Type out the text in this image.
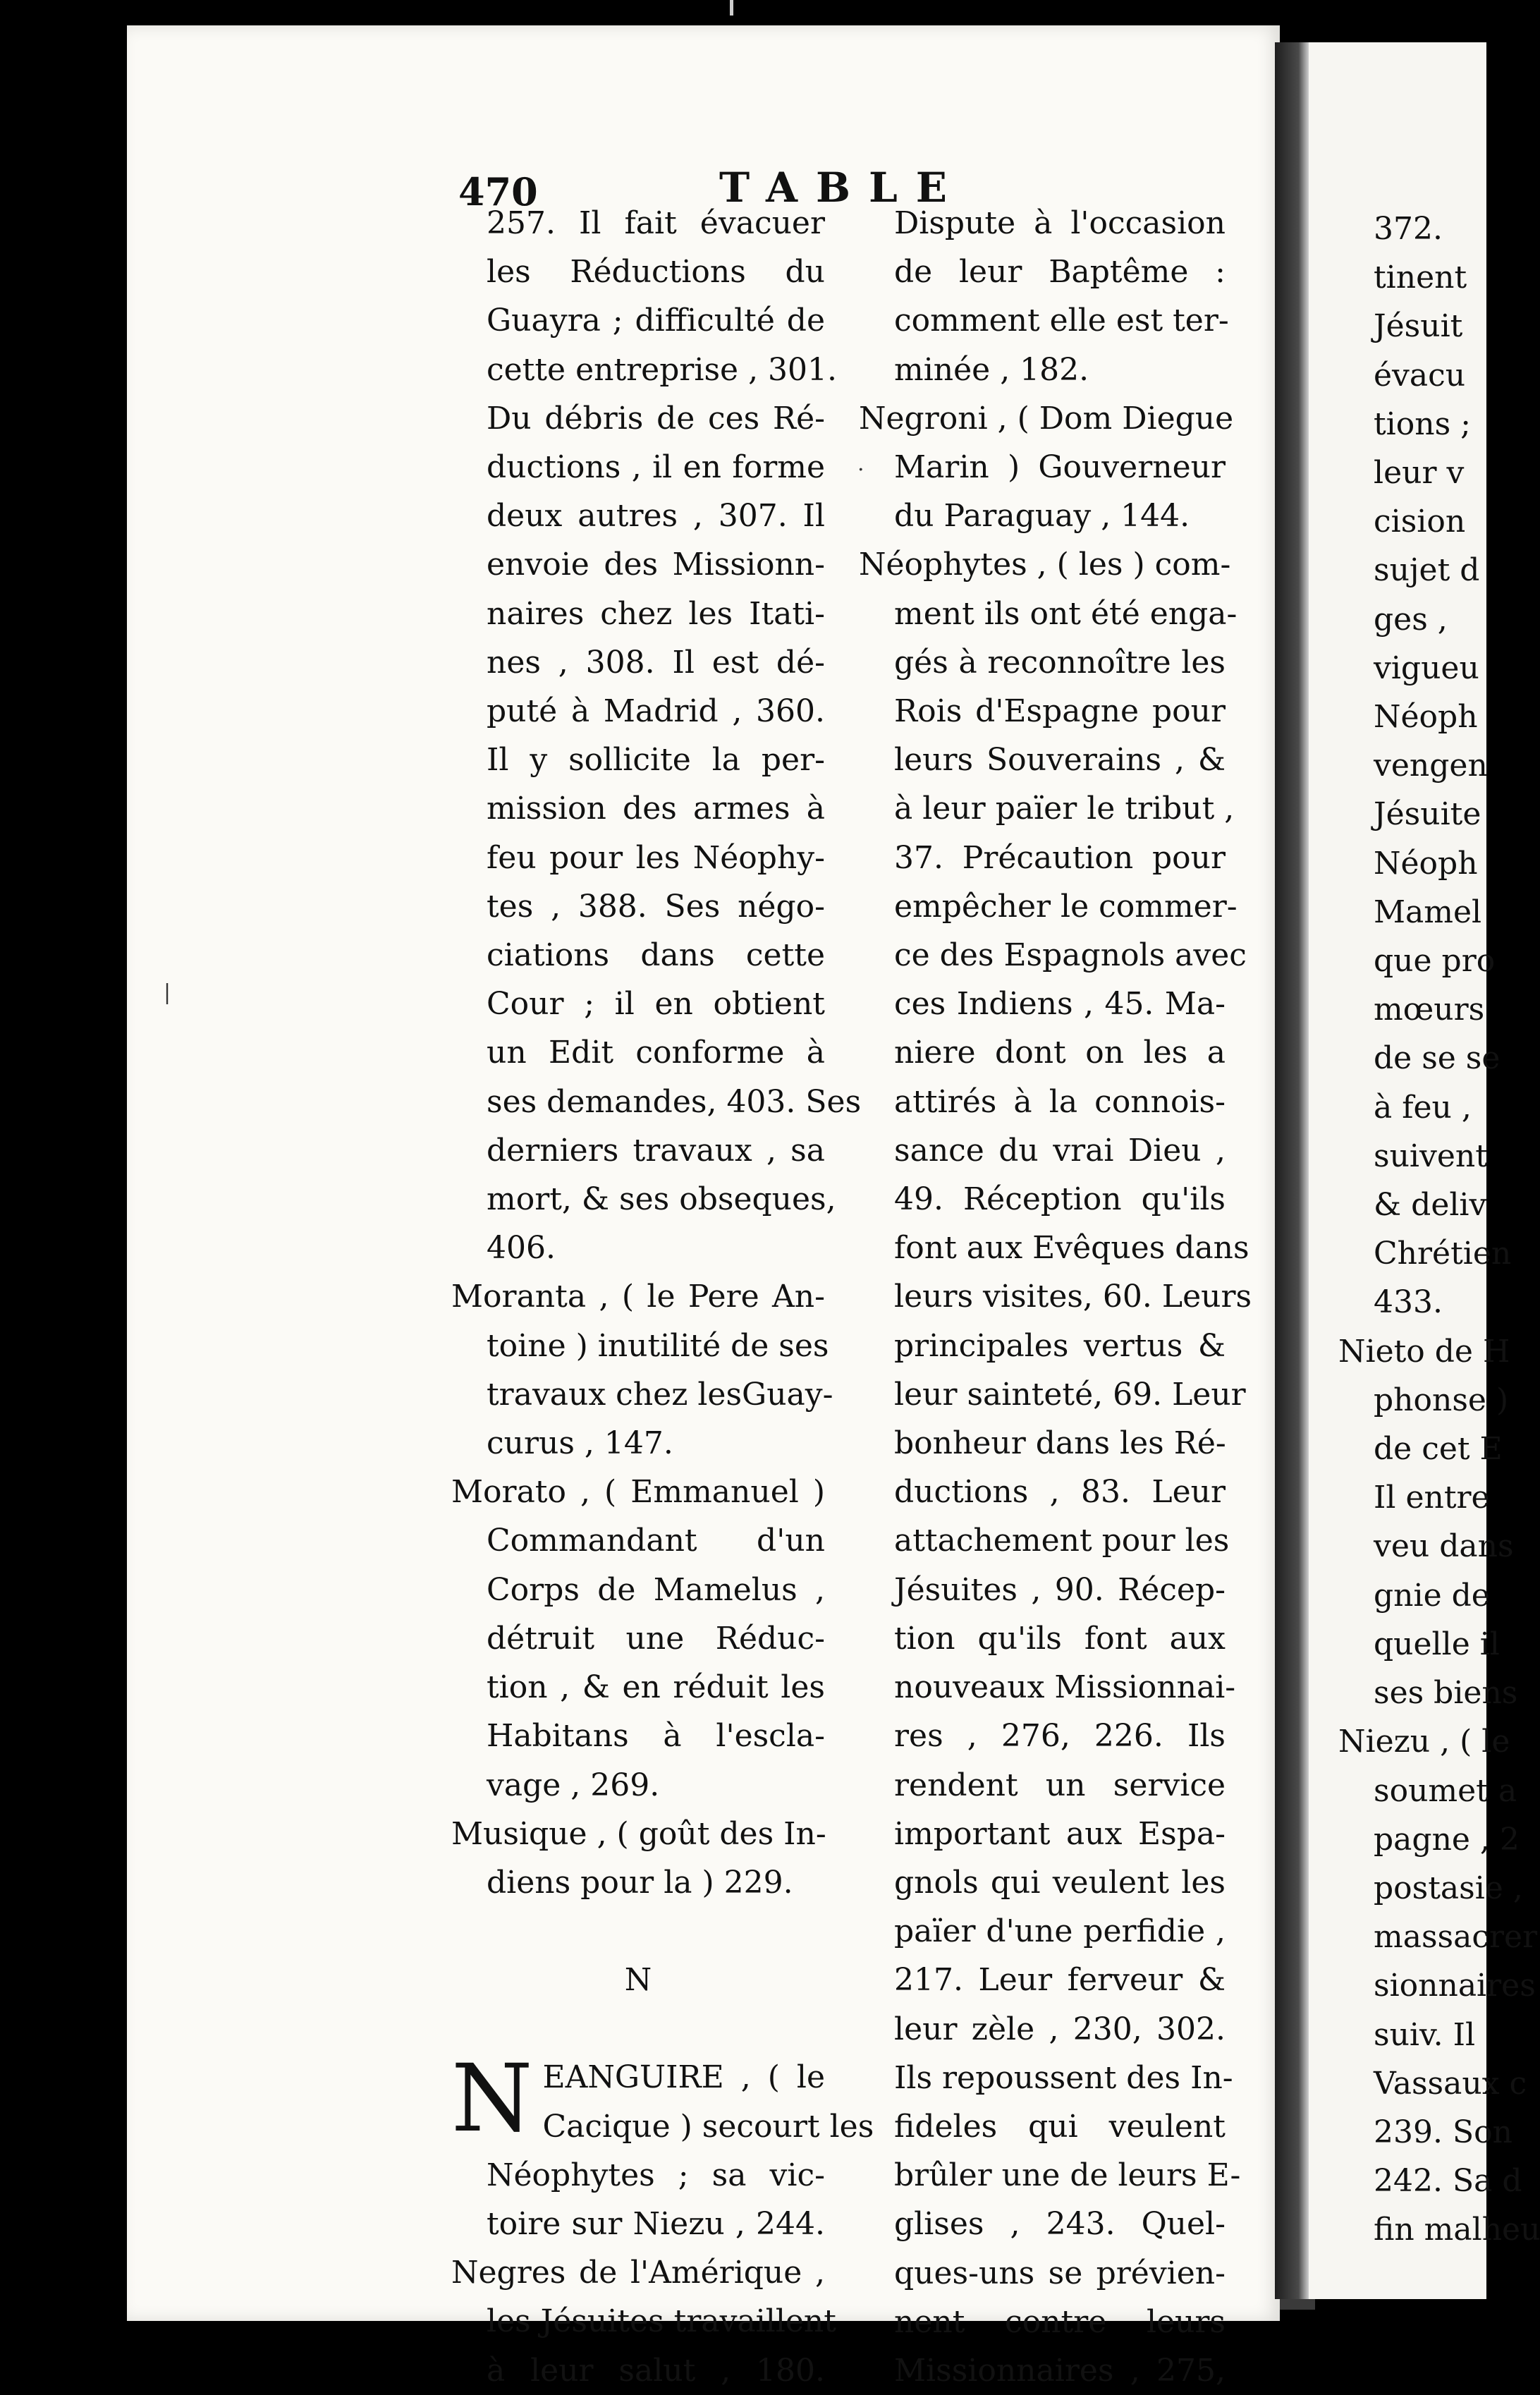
470	TABLE
257. Il fait évacuer
les Réductions du
Guayra ; difficulté de
cette entreprise , 301.
Du débris de ces Ré-
ductions , il en forme
deux autres , 307. Il
envoie des Missionn-
naires chez les Itati-
nes , 308. Il est dé-
puté à Madrid , 360.
Il y sollicite la per-
mission des armes à
feu pour les Néophy-
tes , 388. Ses négo-
ciations dans cette
Cour ; il en obtient
un Edit conforme à
ses demandes, 403. Ses
derniers travaux , sa
mort, & ses obseques,
406.
Moranta , ( le Pere An-
toine ) inutilité de ses
travaux chez lesGuay-
curus , 147.
Morato , ( Emmanuel )
Commandant d'un
Corps de Mamelus ,
détruit une Réduc-
tion , & en réduit les
Habitans à l'escla-
vage , 269.
Musique , ( goût des In-
diens pour la ) 229.
N
N EANGUIRE , ( le
Cacique ) secourt les
Néophytes ; sa vic-
toire sur Niezu , 244.
Negres de l'Amérique ,
les Jésuites travaillent
à leur salut , 180.
Dispute à l'occasion
de leur Baptême :
comment elle est ter-
minée , 182.
Negroni , ( Dom Diegue
Marin ) Gouverneur
du Paraguay , 144.
Néophytes , ( les ) com-
ment ils ont été enga-
gés à reconnoître les
Rois d'Espagne pour
leurs Souverains , &
à leur païer le tribut ,
37. Précaution pour
empêcher le commer-
ce des Espagnols avec
ces Indiens , 45. Ma-
niere dont on les a
attirés à la connois-
sance du vrai Dieu ,
49. Réception qu'ils
font aux Evêques dans
leurs visites, 60. Leurs
principales vertus &
leur sainteté, 69. Leur
bonheur dans les Ré-
ductions , 83. Leur
attachement pour les
Jésuites , 90. Récep-
tion qu'ils font aux
nouveaux Missionnai-
res , 276, 226. Ils
rendent un service
important aux Espa-
gnols qui veulent les
païer d'une perfidie ,
217. Leur ferveur &
leur zèle , 230, 302.
Ils repoussent des In-
fideles qui veulent
brûler une de leurs E-
glises , 243. Quel-
ques-uns se prévien-
nent contre leurs
Missionnaires , 275,
372.
tinent
Jésuit
évacu
tions ;
leur v
cision
sujet d
ges ,
vigueu
Néoph
vengen
Jésuite
Néoph
Mamel
que pro
mœurs
de se se
à feu ,
suivent
& deliv
Chrétien
433.
Nieto de H
phonse )
de cet E
Il entre
veu dans
gnie de
quelle il
ses biens
Niezu , ( le
soumet a
pagne , 2
postasie ,
massacrer
sionnaires
suiv. Il
Vassaux c
239. Son
242. Sa d
fin malheu
|
.
